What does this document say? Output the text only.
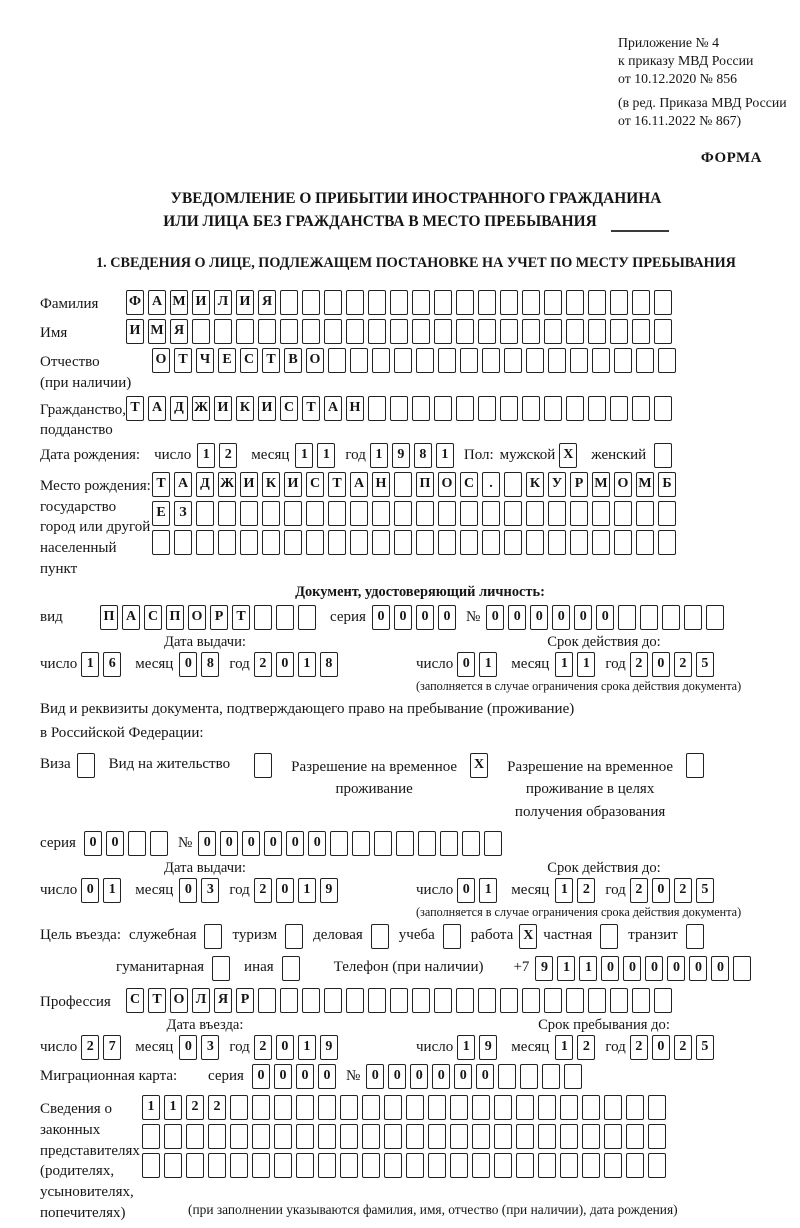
Приложение № 4
к приказу МВД России
от 10.12.2020 № 856
(в ред. Приказа МВД России
от 16.11.2022 № 867)
ФОРМА
УВЕДОМЛЕНИЕ О ПРИБЫТИИ ИНОСТРАННОГО ГРАЖДАНИНА
ИЛИ ЛИЦА БЕЗ ГРАЖДАНСТВА В МЕСТО ПРЕБЫВАНИЯ
1. СВЕДЕНИЯ О ЛИЦЕ, ПОДЛЕЖАЩЕМ ПОСТАНОВКЕ НА УЧЕТ ПО МЕСТУ ПРЕБЫВАНИЯ
Фамилия	Ф А М И Л И Я
Имя	И М Я
Отчество
(при наличии)
О Т Ч Е С Т В О
Гражданство,
подданство
Т А Д Ж И К И С Т А Н
Дата рождения: число 1 2	месяц 1 1	год 1 9 8 1	Пол: мужской X женский
Место рождения:
государство
город или другой
населенный пункт
Т А Д Ж И К И С Т А Н П О С .	К У Р М О М Б
Е З
Документ, удостоверяющий личность:
вид	П А С П О Р Т	серия 0 0 0 0	№ 0 0 0 0 0 0
Дата выдачи:
число 1 6	месяц 0 8	год 2 0 1 8
Срок действия до:
число 0 1	месяц 1 1	год 2 0 2 5
(заполняется в случае ограничения срока действия документа)
Вид и реквизиты документа, подтверждающего право на пребывание (проживание)
в Российской Федерации:
Виза	Вид на жительство	Разрешение на временное проживание
X	Разрешение на временное проживание в целях получения образования
серия 0 0	№ 0 0 0 0 0 0
Дата выдачи:
число 0 1	месяц 0 3	год 2 0 1 9
Срок действия до:
число 0 1	месяц 1 2	год 2 0 2 5
(заполняется в случае ограничения срока действия документа)
Цель въезда: служебная туризм деловая учеба работа X частная транзит
гуманитарная	иная	Телефон (при наличии) +7 9 1 1 0 0 0 0 0 0
Профессия	С Т О Л Я Р
Дата въезда:
число 2 7	месяц 0 3	год 2 0 1 9
Срок пребывания до:
число 1 9	месяц 1 2	год 2 0 2 5
Миграционная карта:	серия 0 0 0 0	№ 0 0 0 0 0 0
Сведения о
законных
представителях
(родителях,
усыновителях,
попечителях)
1 1 2 2
(при заполнении указываются фамилия, имя, отчество (при наличии), дата рождения)
